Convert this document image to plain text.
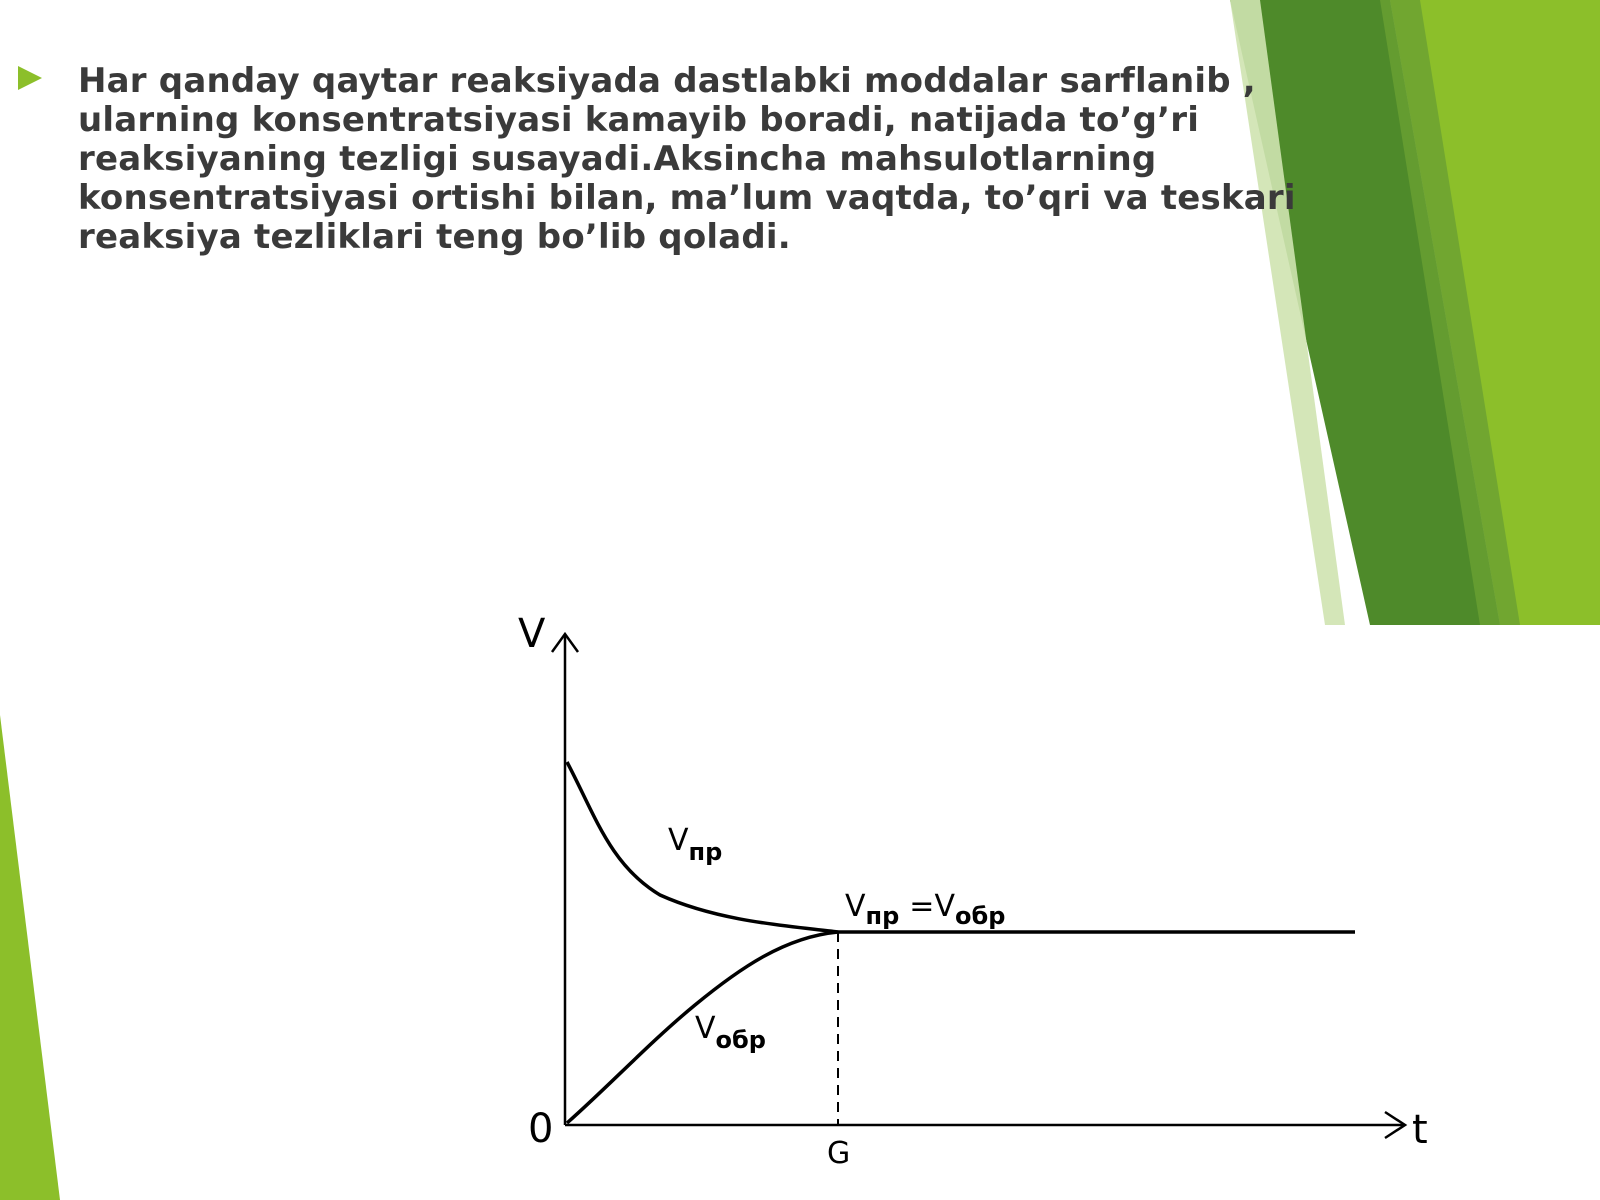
Har qanday qaytar reaksiyada dastlabki moddalar sarflanib , ularning konsentratsiyasi kamayib boradi, natijada to’g’ri reaksiyaning tezligi susayadi.Aksincha mahsulotlarning konsentratsiyasi ortishi bilan, ma’lum vaqtda, to’qri va teskari reaksiya tezliklari teng bo’lib qoladi.

V
t
0
G
Vпр
Vобр
Vпр =Vобр
